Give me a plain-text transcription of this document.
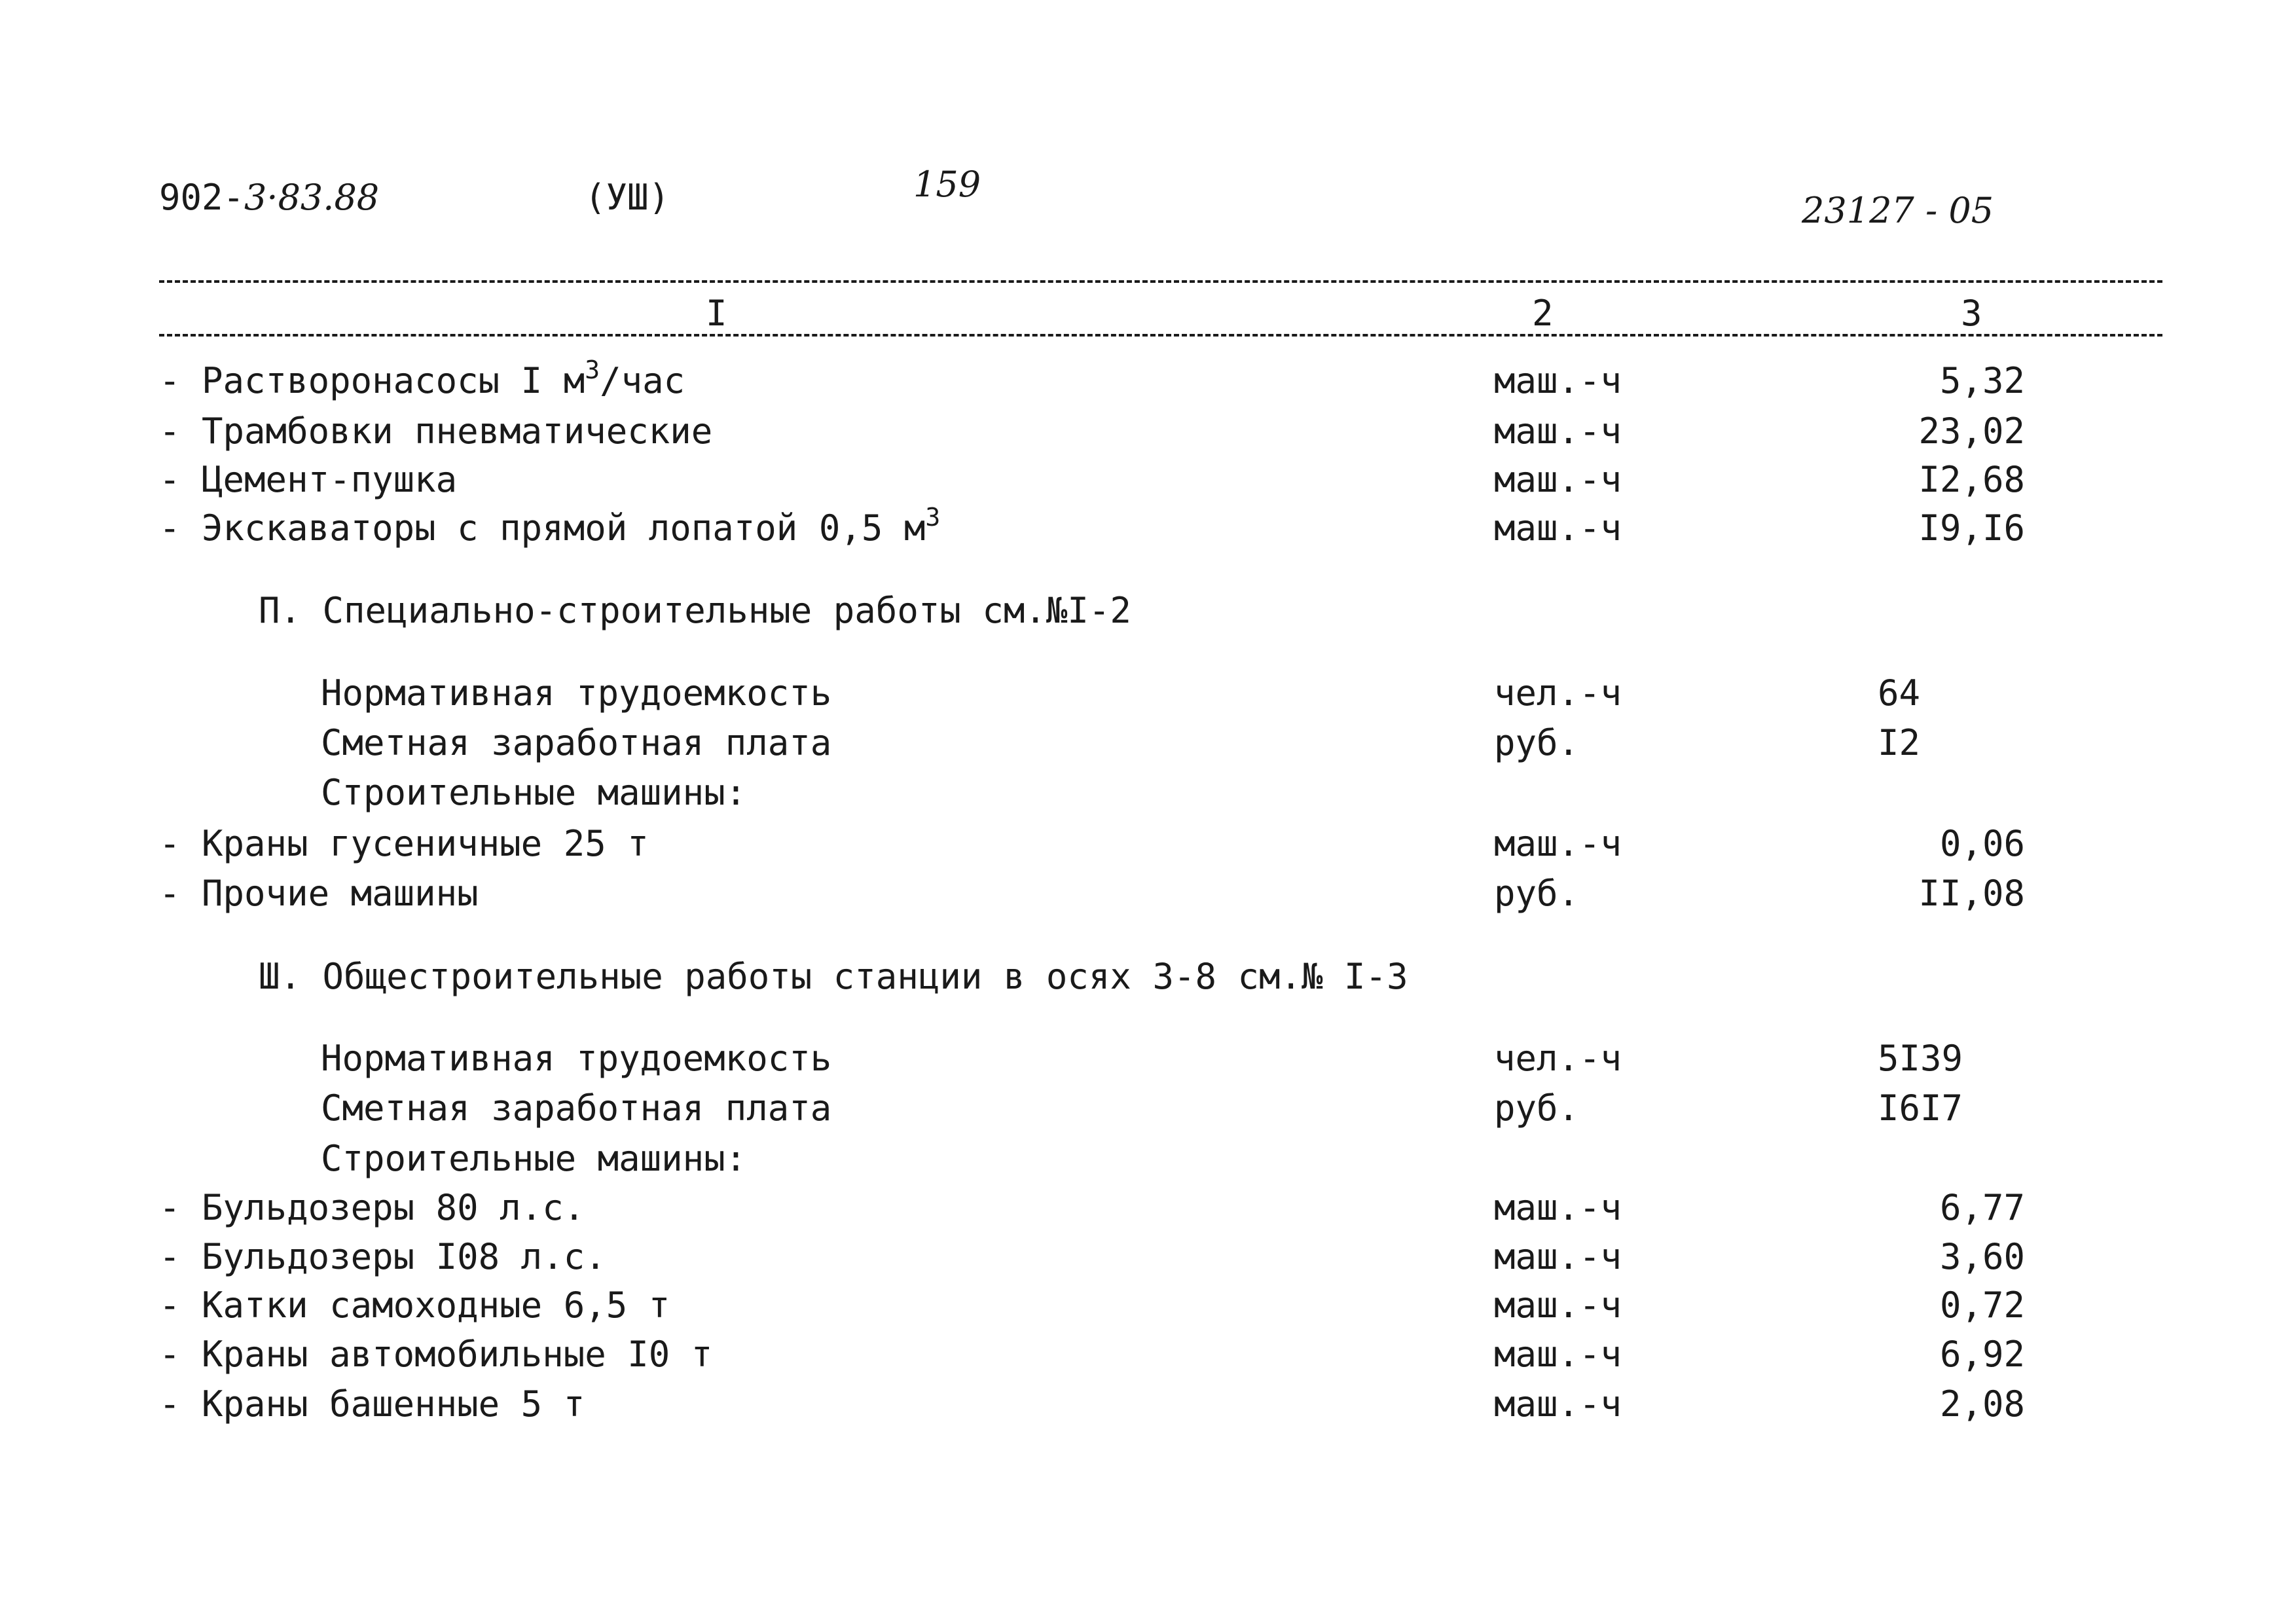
902-3·83.88	(УШ)	159
23127 - 05
I	2	3
- Растворонасосы I $м^3$/час	маш.-ч	5,32
- Трамбовки пневматические	маш.-ч	23,02
- Цемент-пушка	маш.-ч	I2,68
- Экскаваторы с прямой лопатой 0,5 $м^3$	маш.-ч	I9,I6
П. Специально-строительные работы см.№I-2
Нормативная трудоемкость	чел.-ч	64
Сметная заработная плата	руб.	I2
Строительные машины:
- Краны гусеничные 25 т	маш.-ч	0,06
- Прочие машины	руб.	II,08
Ш. Общестроительные работы станции в осях 3-8 см.№ I-3
Нормативная трудоемкость	чел.-ч	5I39
Сметная заработная плата	руб.	I6I7
Строительные машины:
- Бульдозеры 80 л.с.	маш.-ч	6,77
- Бульдозеры I08 л.с.	маш.-ч	3,60
- Катки самоходные 6,5 т	маш.-ч	0,72
- Краны автомобильные I0 т	маш.-ч	6,92
- Краны башенные 5 т	маш.-ч	2,08
